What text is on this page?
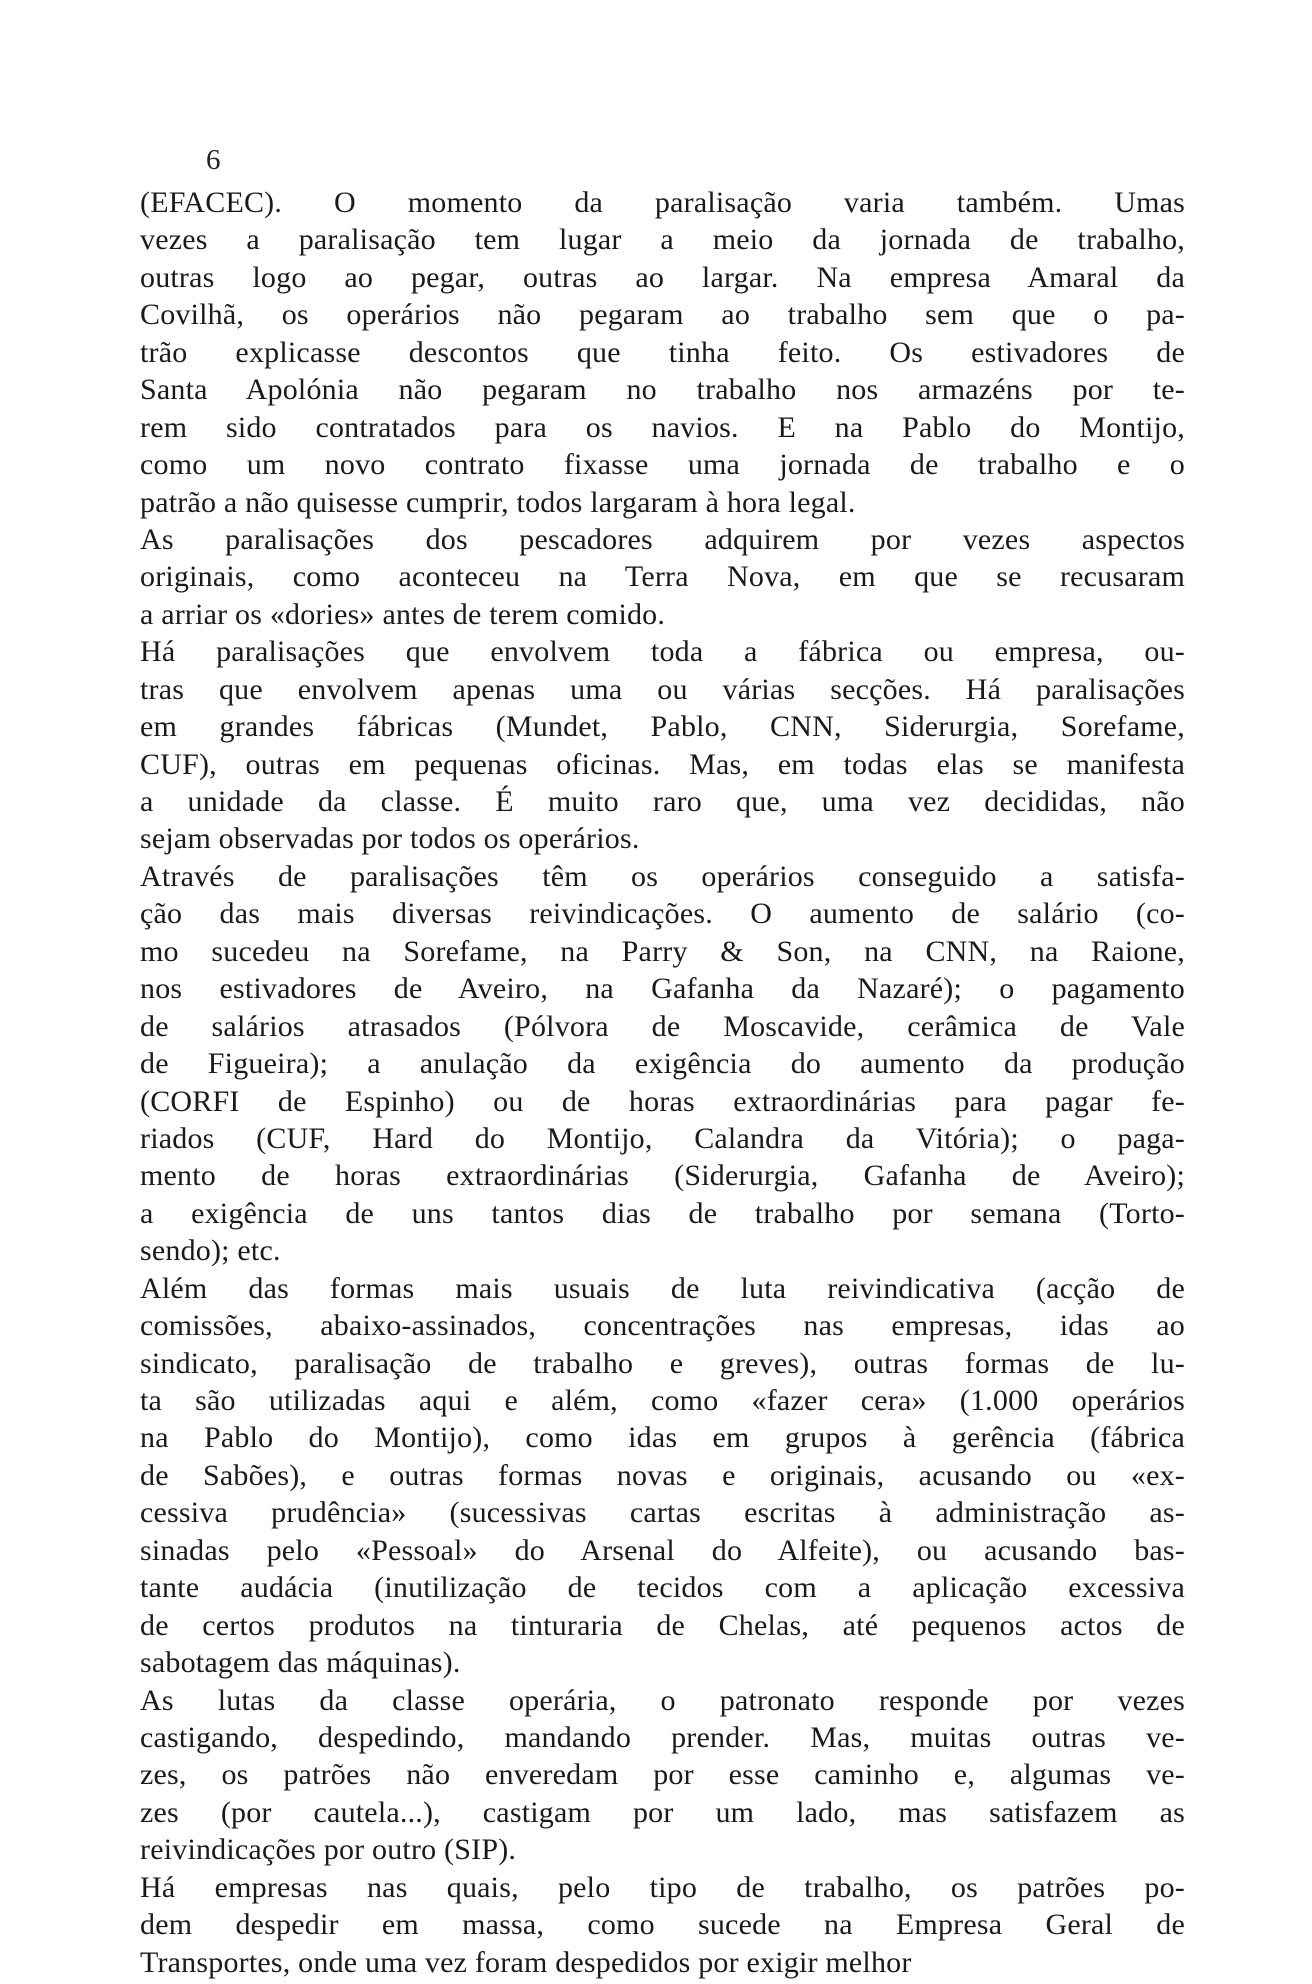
6
(EFACEC). O momento da paralisação varia também. Umas
vezes a paralisação tem lugar a meio da jornada de trabalho,
outras logo ao pegar, outras ao largar. Na empresa Amaral da
Covilhã, os operários não pegaram ao trabalho sem que o pa-
trão explicasse descontos que tinha feito. Os estivadores de
Santa Apolónia não pegaram no trabalho nos armazéns por te-
rem sido contratados para os navios. E na Pablo do Montijo,
como um novo contrato fixasse uma jornada de trabalho e o
patrão a não quisesse cumprir, todos largaram à hora legal.
As paralisações dos pescadores adquirem por vezes aspectos
originais, como aconteceu na Terra Nova, em que se recusaram
a arriar os «dories» antes de terem comido.
Há paralisações que envolvem toda a fábrica ou empresa, ou-
tras que envolvem apenas uma ou várias secções. Há paralisações
em grandes fábricas (Mundet, Pablo, CNN, Siderurgia, Sorefame,
CUF), outras em pequenas oficinas. Mas, em todas elas se manifesta
a unidade da classe. É muito raro que, uma vez decididas, não
sejam observadas por todos os operários.
Através de paralisações têm os operários conseguido a satisfa-
ção das mais diversas reivindicações. O aumento de salário (co-
mo sucedeu na Sorefame, na Parry & Son, na CNN, na Raione,
nos estivadores de Aveiro, na Gafanha da Nazaré); o pagamento
de salários atrasados (Pólvora de Moscavide, cerâmica de Vale
de Figueira); a anulação da exigência do aumento da produção
(CORFI de Espinho) ou de horas extraordinárias para pagar fe-
riados (CUF, Hard do Montijo, Calandra da Vitória); o paga-
mento de horas extraordinárias (Siderurgia, Gafanha de Aveiro);
a exigência de uns tantos dias de trabalho por semana (Torto-
sendo); etc.
Além das formas mais usuais de luta reivindicativa (acção de
comissões, abaixo-assinados, concentrações nas empresas, idas ao
sindicato, paralisação de trabalho e greves), outras formas de lu-
ta são utilizadas aqui e além, como «fazer cera» (1.000 operários
na Pablo do Montijo), como idas em grupos à gerência (fábrica
de Sabões), e outras formas novas e originais, acusando ou «ex-
cessiva prudência» (sucessivas cartas escritas à administração as-
sinadas pelo «Pessoal» do Arsenal do Alfeite), ou acusando bas-
tante audácia (inutilização de tecidos com a aplicação excessiva
de certos produtos na tinturaria de Chelas, até pequenos actos de
sabotagem das máquinas).
As lutas da classe operária, o patronato responde por vezes
castigando, despedindo, mandando prender. Mas, muitas outras ve-
zes, os patrões não enveredam por esse caminho e, algumas ve-
zes (por cautela...), castigam por um lado, mas satisfazem as
reivindicações por outro (SIP).
Há empresas nas quais, pelo tipo de trabalho, os patrões po-
dem despedir em massa, como sucede na Empresa Geral de
Transportes, onde uma vez foram despedidos por exigir melhor
